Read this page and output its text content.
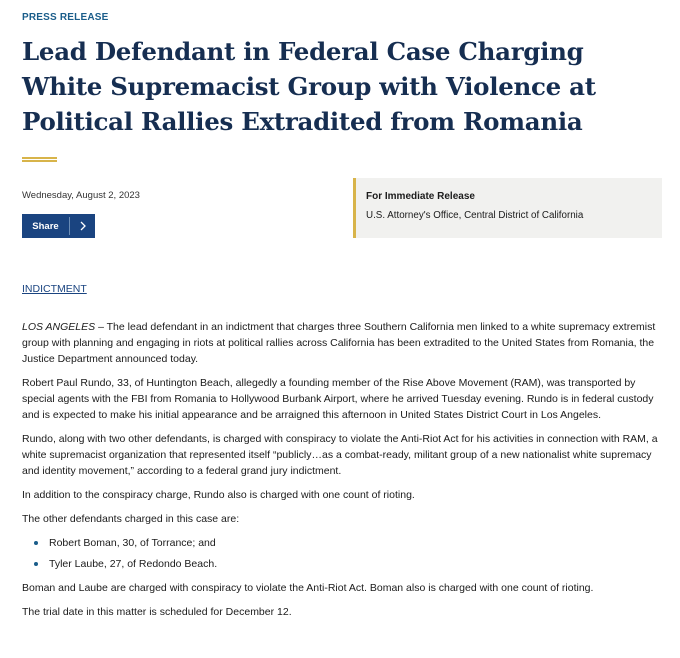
PRESS RELEASE
Lead Defendant in Federal Case Charging White Supremacist Group with Violence at Political Rallies Extradited from Romania
Wednesday, August 2, 2023
Share
For Immediate Release
U.S. Attorney's Office, Central District of California
INDICTMENT

LOS ANGELES – The lead defendant in an indictment that charges three Southern California men linked to a white supremacy extremist group with planning and engaging in riots at political rallies across California has been extradited to the United States from Romania, the Justice Department announced today.

Robert Paul Rundo, 33, of Huntington Beach, allegedly a founding member of the Rise Above Movement (RAM), was transported by special agents with the FBI from Romania to Hollywood Burbank Airport, where he arrived Tuesday evening. Rundo is in federal custody and is expected to make his initial appearance and be arraigned this afternoon in United States District Court in Los Angeles.

Rundo, along with two other defendants, is charged with conspiracy to violate the Anti-Riot Act for his activities in connection with RAM, a white supremacist organization that represented itself “publicly…as a combat-ready, militant group of a new nationalist white supremacy and identity movement,” according to a federal grand jury indictment.

In addition to the conspiracy charge, Rundo also is charged with one count of rioting.

The other defendants charged in this case are:

Robert Boman, 30, of Torrance; and
Tyler Laube, 27, of Redondo Beach.

Boman and Laube are charged with conspiracy to violate the Anti-Riot Act. Boman also is charged with one count of rioting.

The trial date in this matter is scheduled for December 12.
